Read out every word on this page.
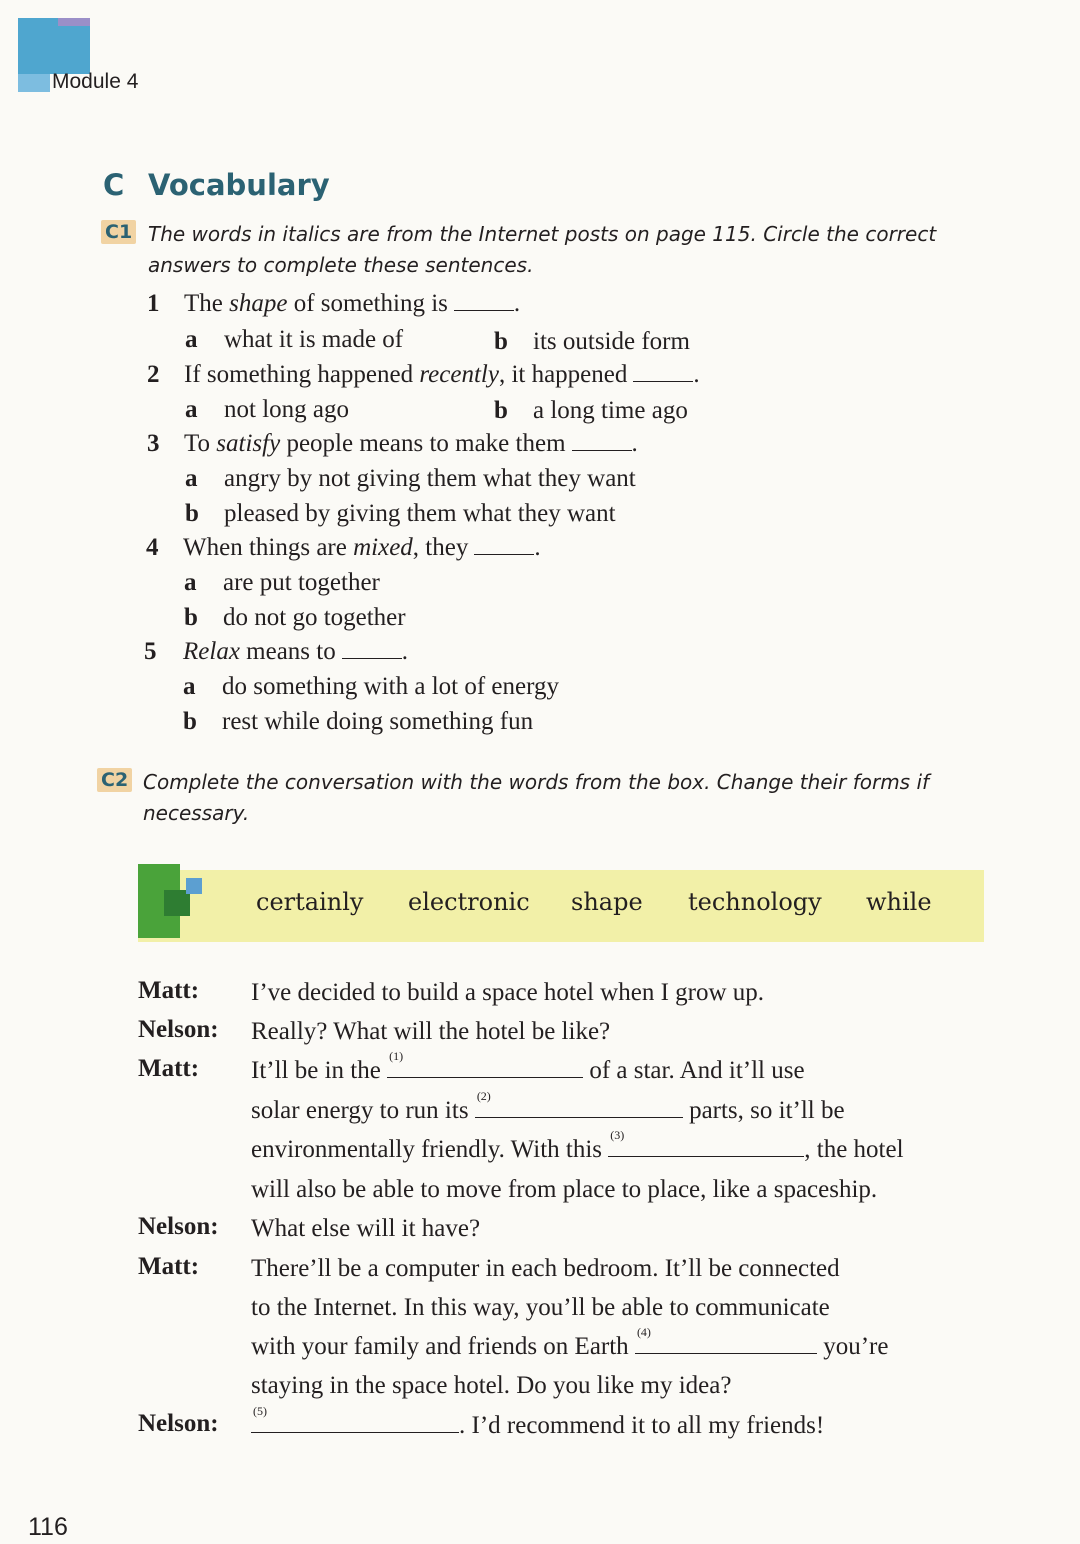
Module 4
C Vocabulary
C1 The words in italics are from the Internet posts on page 115. Circle the correct
answers to complete these sentences.
1 The shape of something is	.
a what it is made of	b its outside form
2 If something happened recently, it happened	.
a not long ago	b a long time ago
3 To satisfy people means to make them	.
a angry by not giving them what they want
b pleased by giving them what they want
4 When things are mixed, they	.
a are put together
b do not go together
5 Relax means to	.
a do something with a lot of energy
b rest while doing something fun
C2 Complete the conversation with the words from the box. Change their forms if
necessary.
certainly electronic shape technology while
Matt: I’ve decided to build a space hotel when I grow up.
Nelson: Really? What will the hotel be like?
Matt: It’ll be in the
(1)
of a star. And it’ll use
solar energy to run its
(2)
parts, so it’ll be
environmentally friendly. With this
(3)
, the hotel
will also be able to move from place to place, like a spaceship.
Nelson: What else will it have?
Matt: There’ll be a computer in each bedroom. It’ll be connected
to the Internet. In this way, you’ll be able to communicate
with your family and friends on Earth
(4)
you’re
staying in the space hotel. Do you like my idea?
Nelson:	(5)
. I’d recommend it to all my friends!
116
